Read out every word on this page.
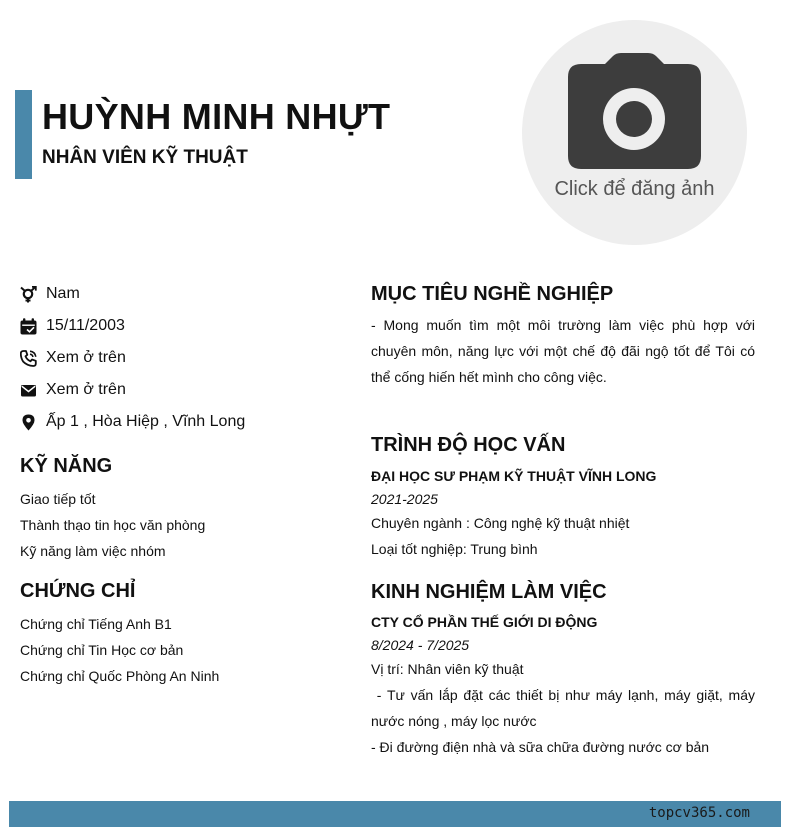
HUỲNH MINH NHỰT
NHÂN VIÊN KỸ THUẬT
Click để đăng ảnh
Nam
15/11/2003
Xem ở trên
Xem ở trên
Ấp 1 , Hòa Hiệp , Vĩnh Long
KỸ NĂNG
Giao tiếp tốt
Thành thạo tin học văn phòng
Kỹ năng làm việc nhóm
CHỨNG CHỈ
Chứng chỉ Tiếng Anh B1
Chứng chỉ Tin Học cơ bản
Chứng chỉ Quốc Phòng An Ninh
MỤC TIÊU NGHỀ NGHIỆP
- Mong muốn tìm một môi trường làm việc phù hợp với chuyên môn, năng lực với một chế độ đãi ngộ tốt để Tôi có thể cống hiến hết mình cho công việc.
TRÌNH ĐỘ HỌC VẤN
ĐẠI HỌC SƯ PHẠM KỸ THUẬT VĨNH LONG
2021-2025
Chuyên ngành : Công nghệ kỹ thuật nhiệt
Loại tốt nghiệp: Trung bình
KINH NGHIỆM LÀM VIỆC
CTY CỔ PHẦN THẾ GIỚI DI ĐỘNG
8/2024 - 7/2025
Vị trí: Nhân viên kỹ thuật
- Tư vấn lắp đặt các thiết bị như máy lạnh, máy giặt, máy nước nóng , máy lọc nước
- Đi đường điện nhà và sữa chữa đường nước cơ bản
topcv365.com
